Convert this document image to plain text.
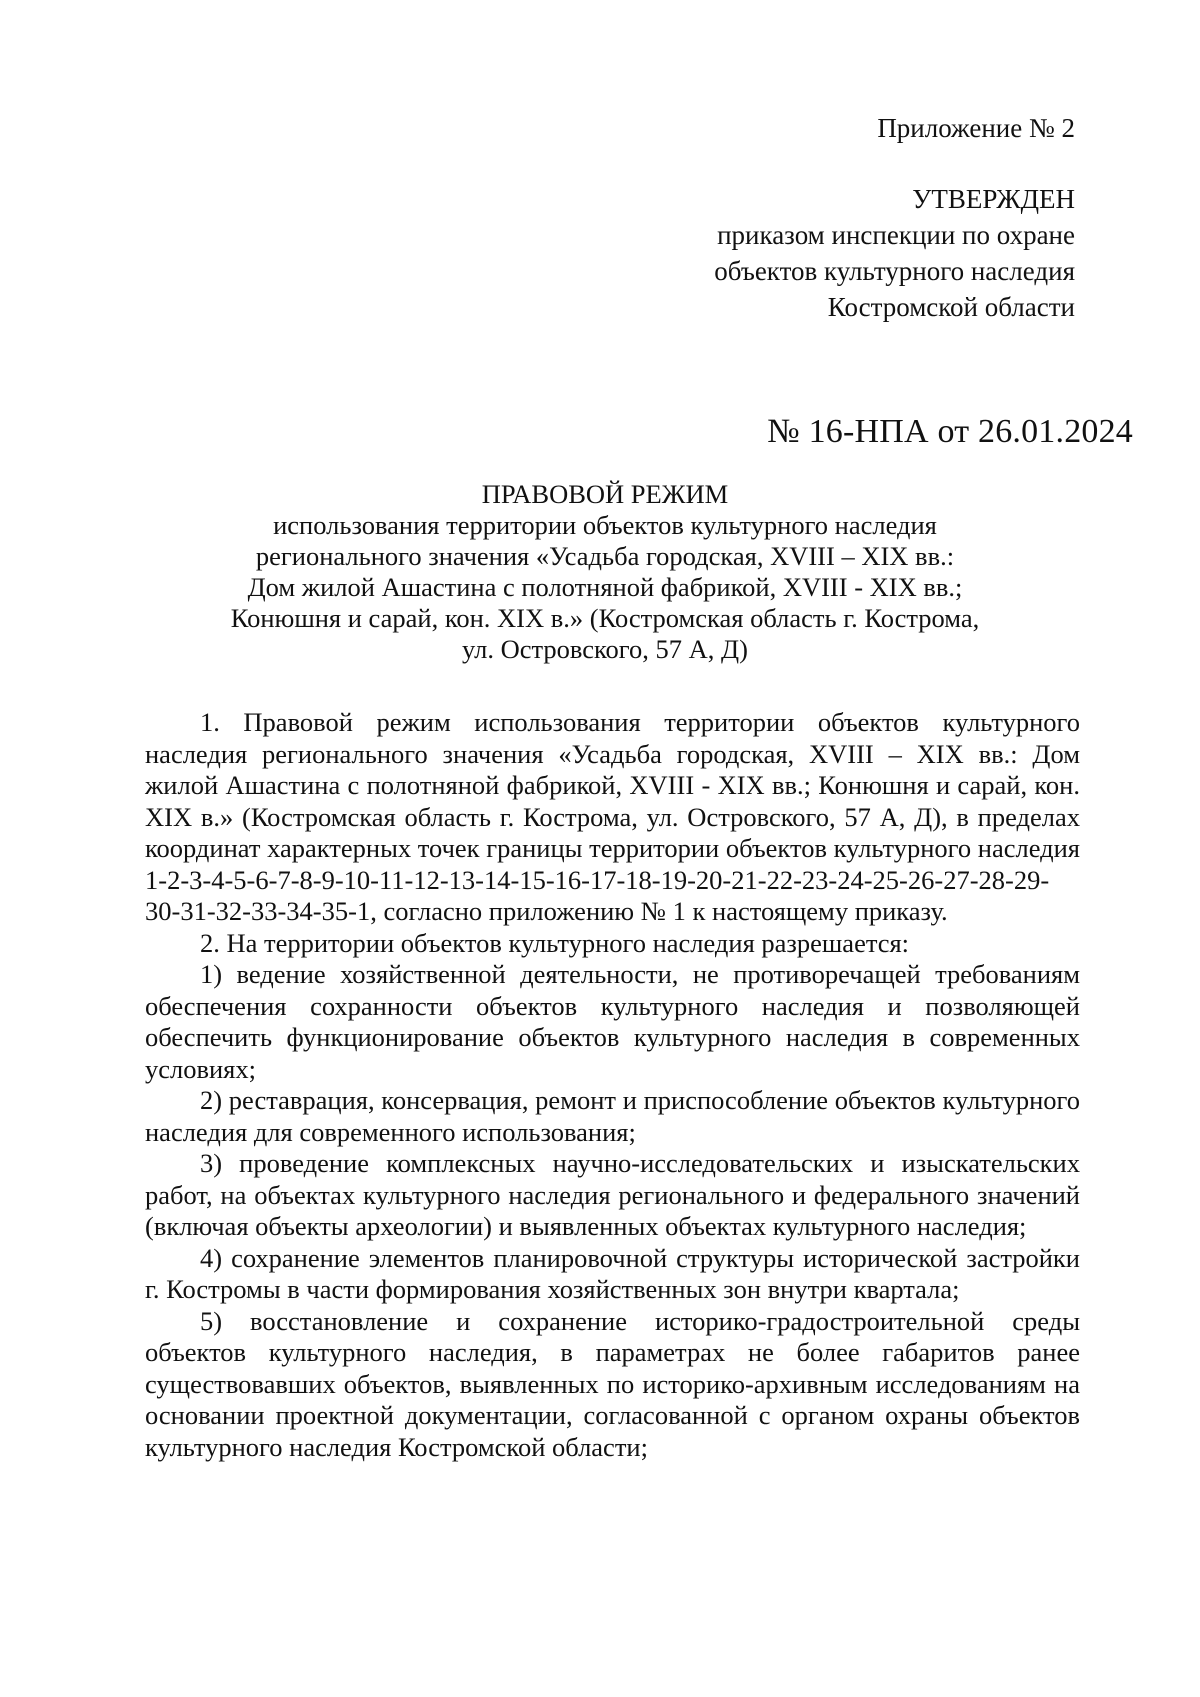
Приложение № 2
УТВЕРЖДЕН
приказом инспекции по охране
объектов культурного наследия
Костромской области
№ 16-НПА от 26.01.2024
ПРАВОВОЙ РЕЖИМ
использования территории объектов культурного наследия
регионального значения «Усадьба городская, XVIII – XIX вв.:
Дом жилой Ашастина с полотняной фабрикой, XVIII - XIX вв.;
Конюшня и сарай, кон. XIX в.» (Костромская область г. Кострома,
ул. Островского, 57 А, Д)

1. Правовой режим использования территории объектов культурного наследия регионального значения «Усадьба городская, XVIII – XIX вв.: Дом жилой Ашастина с полотняной фабрикой, XVIII - XIX вв.; Конюшня и сарай, кон. XIX в.» (Костромская область г. Кострома, ул. Островского, 57 А, Д), в пределах координат характерных точек границы территории объектов культурного наследия 1-2-3-4-5-6-7-8-9-10-11-12-13-14-15-16-17-18-19-20-21-22-23-24-25-26-27-28-29-30-31-32-33-34-35-1, согласно приложению № 1 к настоящему приказу.

2. На территории объектов культурного наследия разрешается:

1) ведение хозяйственной деятельности, не противоречащей требованиям обеспечения сохранности объектов культурного наследия и позволяющей обеспечить функционирование объектов культурного наследия в современных условиях;

2) реставрация, консервация, ремонт и приспособление объектов культурного наследия для современного использования;

3) проведение комплексных научно-исследовательских и изыскательских работ, на объектах культурного наследия регионального и федерального значений (включая объекты археологии) и выявленных объектах культурного наследия;

4) сохранение элементов планировочной структуры исторической застройки г. Костромы в части формирования хозяйственных зон внутри квартала;

5) восстановление и сохранение историко-градостроительной среды объектов культурного наследия, в параметрах не более габаритов ранее существовавших объектов, выявленных по историко-архивным исследованиям на основании проектной документации, согласованной с органом охраны объектов культурного наследия Костромской области;
